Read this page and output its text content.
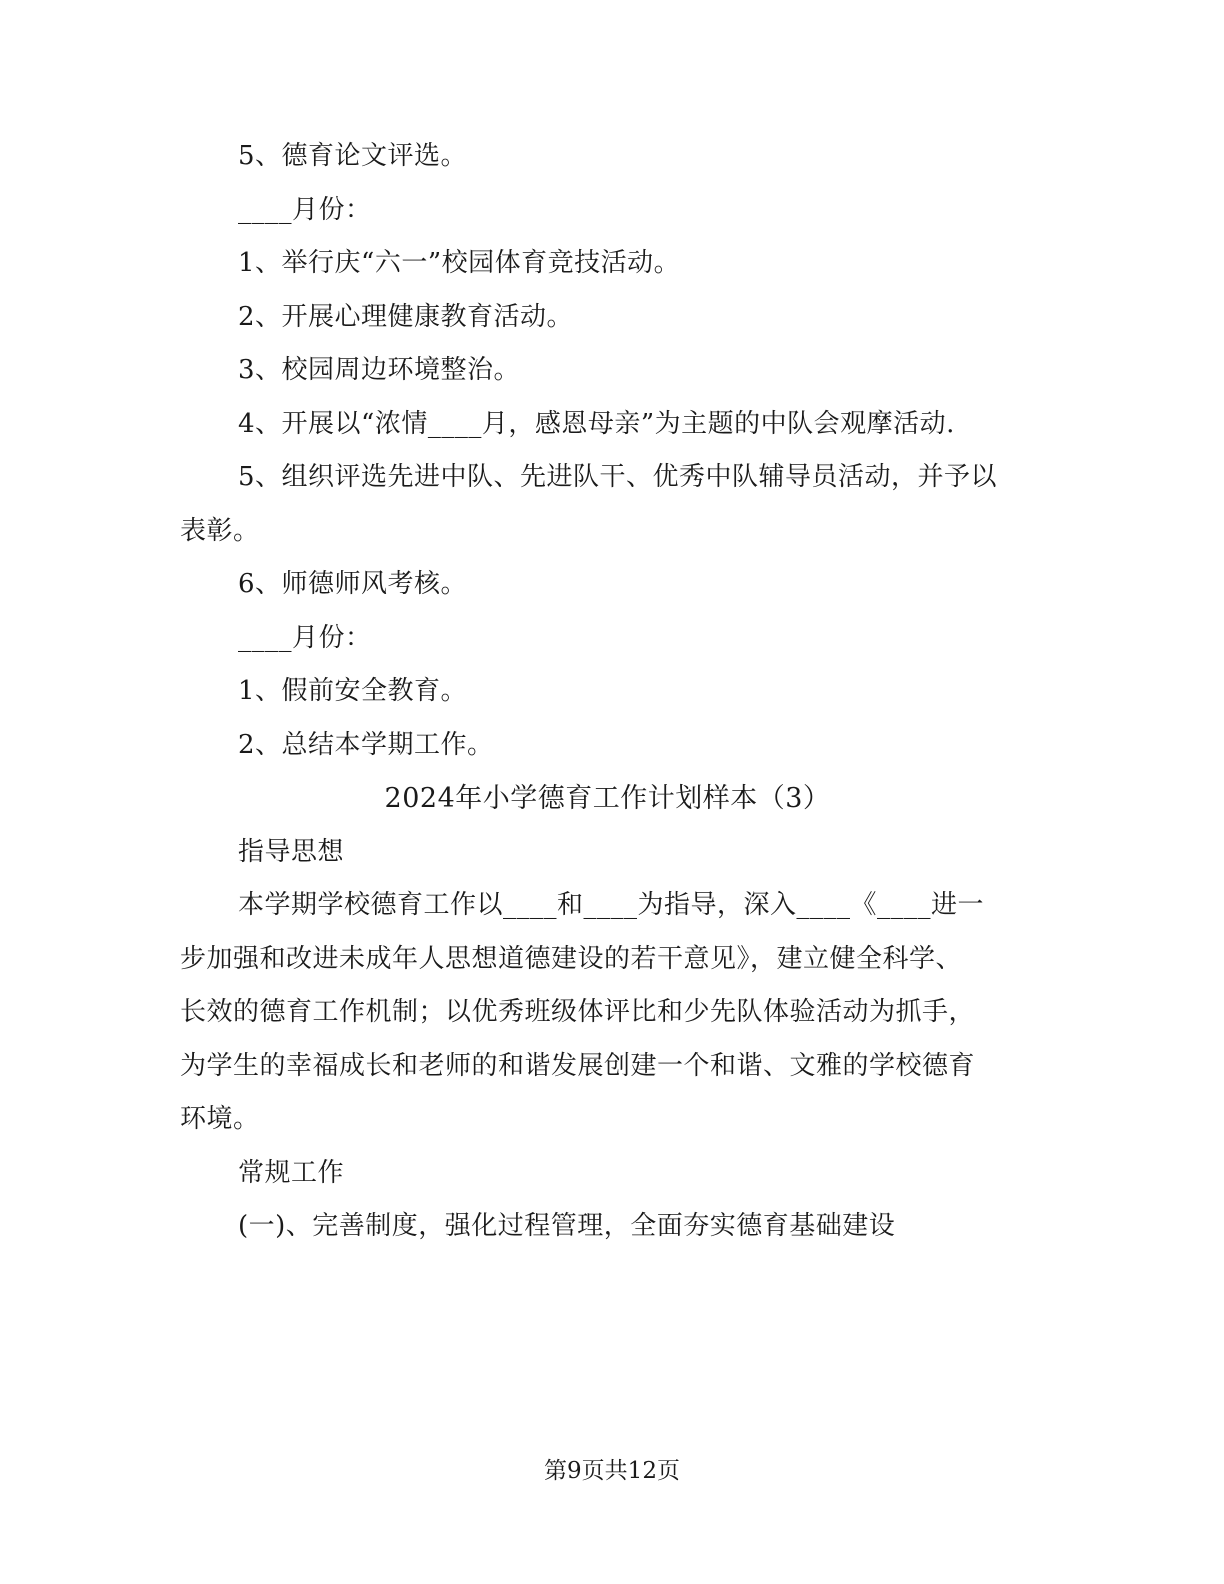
5、德育论文评选。
____月份：
1、举行庆“六一”校园体育竞技活动。
2、开展心理健康教育活动。
3、校园周边环境整治。
4、开展以“浓情____月，感恩母亲”为主题的中队会观摩活动.
5、组织评选先进中队、先进队干、优秀中队辅导员活动，并予以
表彰。
6、师德师风考核。
____月份：
1、假前安全教育。
2、总结本学期工作。
2024年小学德育工作计划样本（3）
指导思想
本学期学校德育工作以____和____为指导，深入____《____进一
步加强和改进未成年人思想道德建设的若干意见》，建立健全科学、
长效的德育工作机制；以优秀班级体评比和少先队体验活动为抓手，
为学生的幸福成长和老师的和谐发展创建一个和谐、文雅的学校德育
环境。
常规工作
(一)、完善制度，强化过程管理，全面夯实德育基础建设
第9页共12页
